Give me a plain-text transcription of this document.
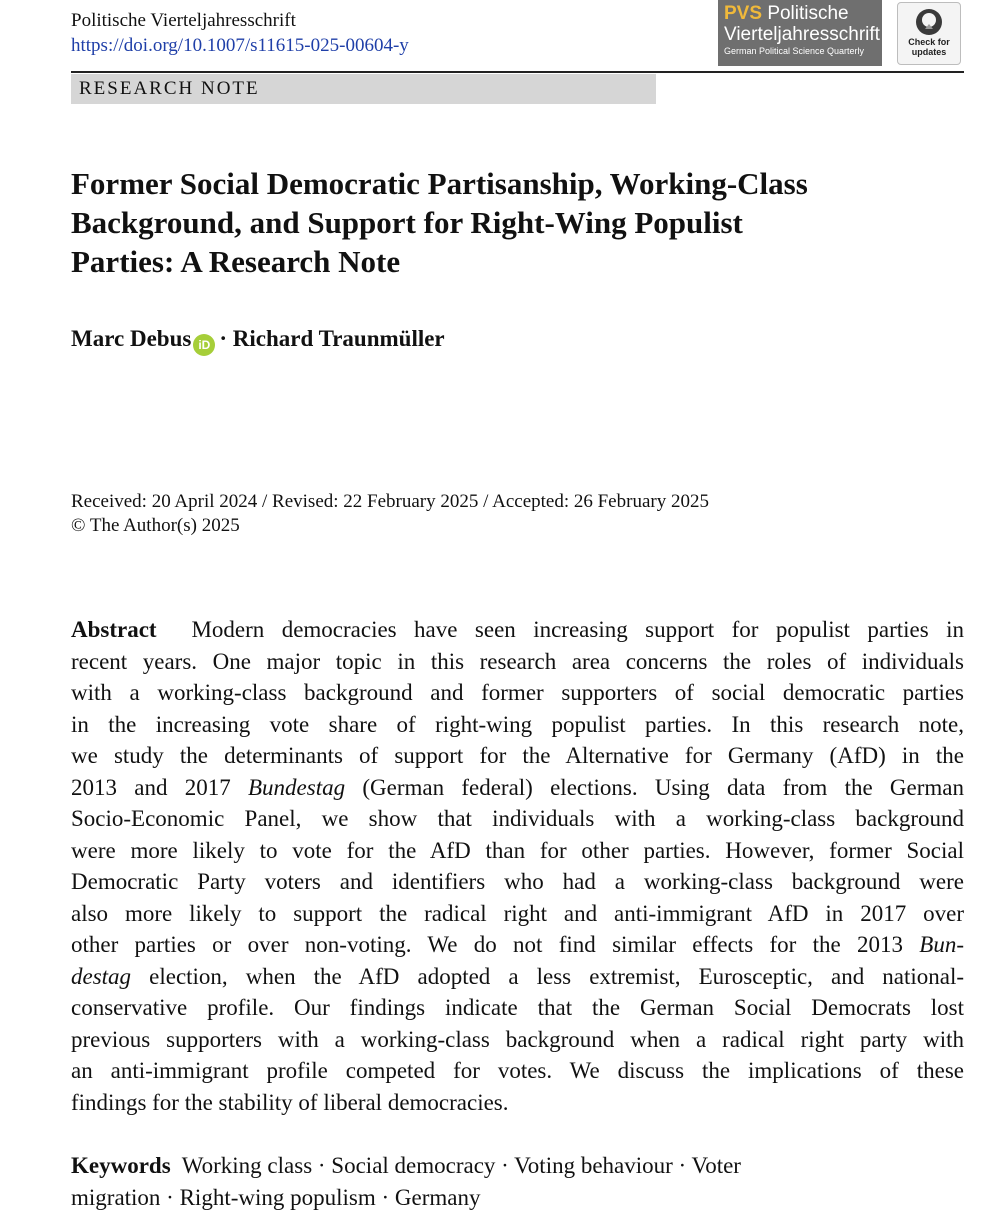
Politische Vierteljahresschrift
https://doi.org/10.1007/s11615-025-00604-y
PVS Politische
Vierteljahresschrift
German Political Science Quarterly
Check for
updates
RESEARCH NOTE
Former Social Democratic Partisanship, Working-Class
Background, and Support for Right-Wing Populist
Parties: A Research Note
Marc Debus iD · Richard Traunmüller
Received: 20 April 2024 / Revised: 22 February 2025 / Accepted: 26 February 2025
© The Author(s) 2025
Abstract Modern democracies have seen increasing support for populist parties in
recent years. One major topic in this research area concerns the roles of individuals
with a working-class background and former supporters of social democratic parties
in the increasing vote share of right-wing populist parties. In this research note,
we study the determinants of support for the Alternative for Germany (AfD) in the
2013 and 2017 Bundestag (German federal) elections. Using data from the German
Socio-Economic Panel, we show that individuals with a working-class background
were more likely to vote for the AfD than for other parties. However, former Social
Democratic Party voters and identifiers who had a working-class background were
also more likely to support the radical right and anti-immigrant AfD in 2017 over
other parties or over non-voting. We do not find similar effects for the 2013 Bun-
destag election, when the AfD adopted a less extremist, Eurosceptic, and national-
conservative profile. Our findings indicate that the German Social Democrats lost
previous supporters with a working-class background when a radical right party with
an anti-immigrant profile competed for votes. We discuss the implications of these
findings for the stability of liberal democracies.
Keywords Working class · Social democracy · Voting behaviour · Voter
migration · Right-wing populism · Germany
